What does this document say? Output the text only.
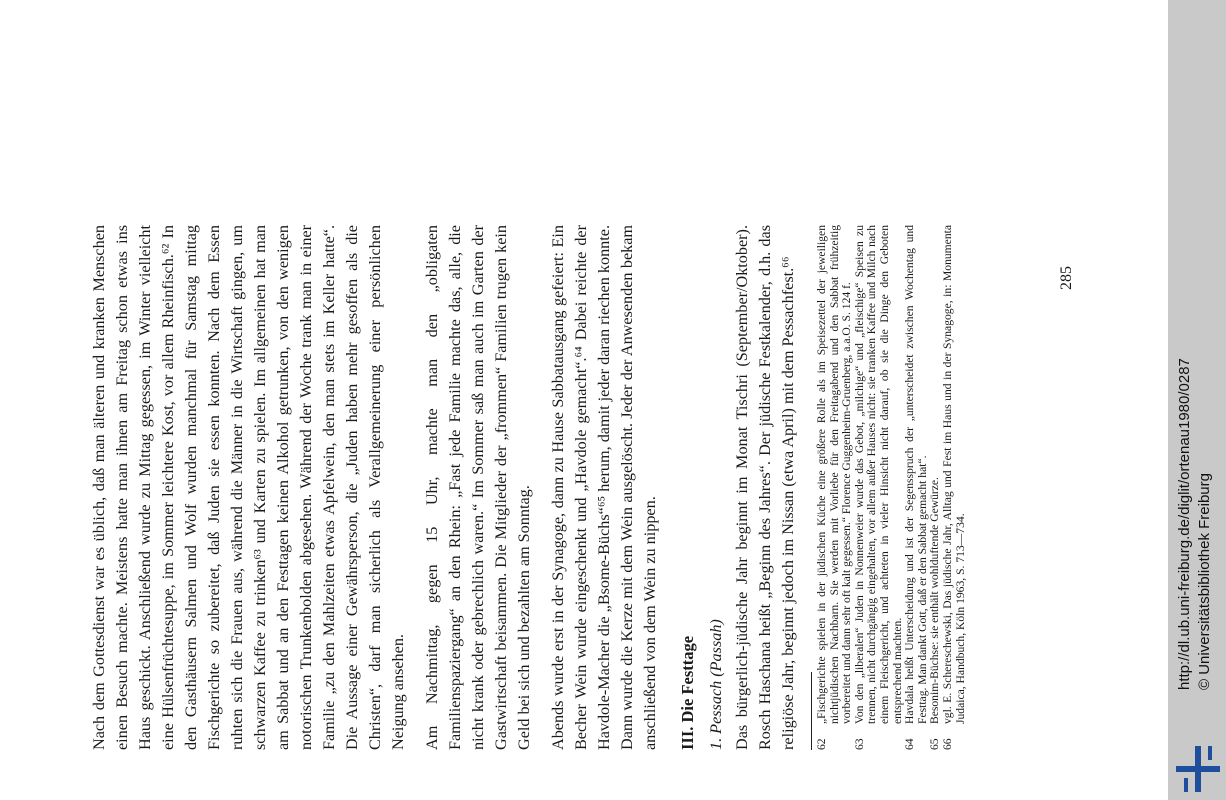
Nach dem Gottesdienst war es üblich, daß man älteren und kranken Menschen einen Besuch machte. Meistens hatte man ihnen am Freitag schon etwas ins Haus geschickt. Anschließend wurde zu Mittag gegessen, im Winter vielleicht eine Hülsenfrüchtesuppe, im Sommer leichtere Kost, vor allem Rheinfisch.⁶² In den Gasthäusern Salmen und Wolf wurden manchmal für Samstag mittag Fischgerichte so zubereitet, daß Juden sie essen konnten. Nach dem Essen ruhten sich die Frauen aus, während die Männer in die Wirtschaft gingen, um schwarzen Kaffee zu trinken⁶³ und Karten zu spielen. Im allgemeinen hat man am Sabbat und an den Festtagen keinen Alkohol getrunken, von den wenigen notorischen Trunkenbolden abgesehen. Während der Woche trank man in einer Familie „zu den Mahlzeiten etwas Apfelwein, den man stets im Keller hatte“. Die Aussage einer Gewährsperson, die „Juden haben mehr gesoffen als die Christen“, darf man sicherlich als Verallgemeinerung einer persönlichen Neigung ansehen. Am Nachmittag, gegen 15 Uhr, machte man den „obligaten Familienspaziergang“ an den Rhein: „Fast jede Familie machte das, alle, die nicht krank oder gebrechlich waren.“ Im Sommer saß man auch im Garten der Gastwirtschaft beisammen. Die Mitglieder der „frommen“ Familien trugen kein Geld bei sich und bezahlten am Sonntag. Abends wurde erst in der Synagoge, dann zu Hause Sabbatausgang gefeiert: Ein Becher Wein wurde eingeschenkt und „Havdole gemacht“.⁶⁴ Dabei reichte der Havdole-Macher die „Bsome-Büchs“⁶⁵ herum, damit jeder daran riechen konnte. Dann wurde die Kerze mit dem Wein ausgelöscht. Jeder der Anwesenden bekam anschließend von dem Wein zu nippen. III. Die Festtage 1. Pessach (Passah) Das bürgerlich-jüdische Jahr beginnt im Monat Tischri (September/Oktober). Rosch Haschana heißt „Beginn des Jahres“. Der jüdische Festkalender, d.h. das religiöse Jahr, beginnt jedoch im Nissan (etwa April) mit dem Pessachfest.⁶⁶ 62
„Fischgerichte spielen in der jüdischen Küche eine größere Rolle als im Speisezettel der jeweiligen nichtjüdischen Nachbarn. Sie werden mit Vorliebe für den Freitagabend und den Sabbat frühzeitig vorbereitet und dann sehr oft kalt gegessen.“ Florence Guggenheim-Gruenberg, a.a.O. S. 124 f.
63
Von den „liberalen“ Juden in Nonnenweier wurde das Gebot, „milchige“ und „fleischige“ Speisen zu trennen, nicht durchgängig eingehalten, vor allem außer Hauses nicht: sie tranken Kaffee und Milch nach einem Fleischgericht, und achteten in vieler Hinsicht nicht darauf, ob sie die Dinge den Geboten entsprechend machten.
64
Havdala heißt Unterscheidung und ist der Segensspruch der „unterscheidet zwischen Wochentag und Festtag. Man dankt Gott, daß er den Sabbat gemacht hat“.
65
Besonim-Büchse: sie enthält wohlduftende Gewürze.
66
vgl. E. Schereschewski, Das jüdische Jahr, Alltag und Fest im Haus und in der Synagoge, in: Monumenta Judaica, Handbuch, Köln 1963, S. 713—734.
285
http://dl.ub.uni-freiburg.de/diglit/ortenau1980/0287 © Universitätsbibliothek Freiburg
